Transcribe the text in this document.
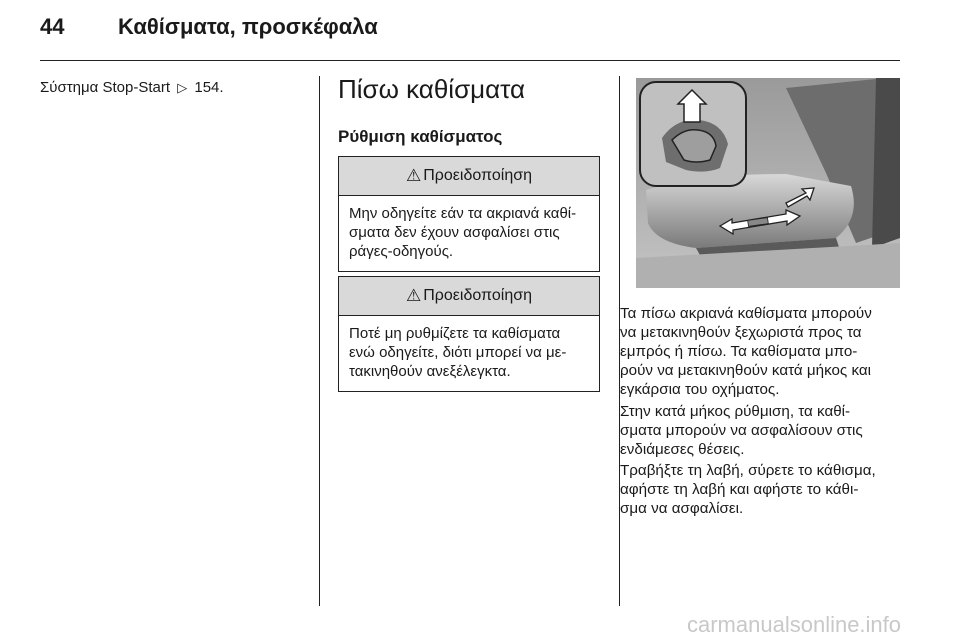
44 Καθίσματα, προσκέφαλα
Σύστημα Stop-Start ▷ 154.	Πίσω καθίσματα
Ρύθμιση καθίσματος
⚠ Προειδοποίηση
Μην οδηγείτε εάν τα ακριανά καθί-
σματα δεν έχουν ασφαλίσει στις
ράγες-οδηγούς.
⚠ Προειδοποίηση
Ποτέ μη ρυθμίζετε τα καθίσματα
ενώ οδηγείτε, διότι μπορεί να με-
τακινηθούν ανεξέλεγκτα.
Τα πίσω ακριανά καθίσματα μπορούν
να μετακινηθούν ξεχωριστά προς τα
εμπρός ή πίσω. Τα καθίσματα μπο-
ρούν να μετακινηθούν κατά μήκος και
εγκάρσια του οχήματος.
Στην κατά μήκος ρύθμιση, τα καθί-
σματα μπορούν να ασφαλίσουν στις
ενδιάμεσες θέσεις.
Τραβήξτε τη λαβή, σύρετε το κάθισμα,
αφήστε τη λαβή και αφήστε το κάθι-
σμα να ασφαλίσει.
carmanualsonline.info
